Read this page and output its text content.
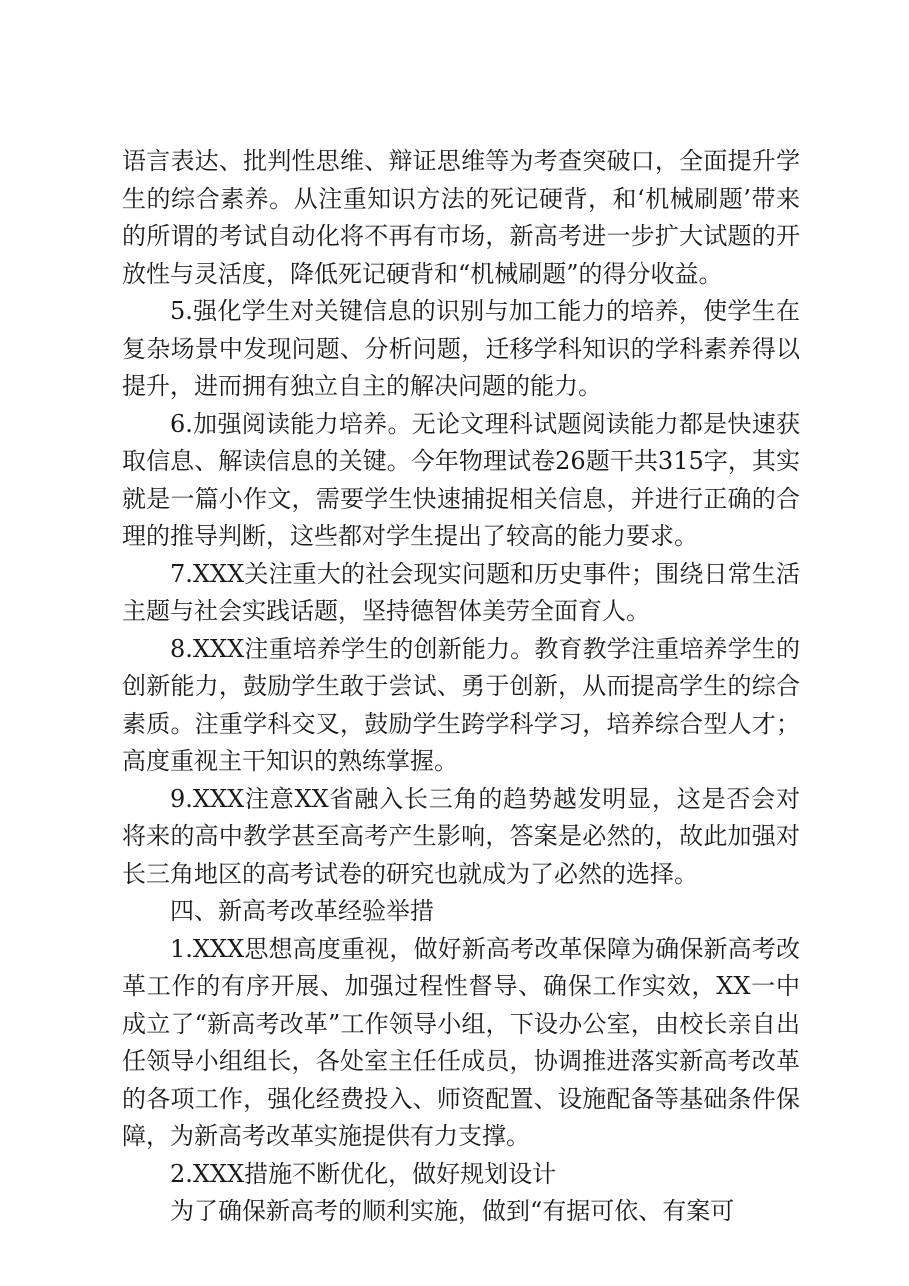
语言表达、批判性思维、辩证思维等为考查突破口，全面提升学生的综合素养。从注重知识方法的死记硬背，和‘机械刷题’带来的所谓的考试自动化将不再有市场，新高考进一步扩大试题的开放性与灵活度，降低死记硬背和“机械刷题”的得分收益。

5.强化学生对关键信息的识别与加工能力的培养，使学生在复杂场景中发现问题、分析问题，迁移学科知识的学科素养得以提升，进而拥有独立自主的解决问题的能力。

6.加强阅读能力培养。无论文理科试题阅读能力都是快速获取信息、解读信息的关键。今年物理试卷26题干共315字，其实就是一篇小作文，需要学生快速捕捉相关信息，并进行正确的合理的推导判断，这些都对学生提出了较高的能力要求。

7.XXX关注重大的社会现实问题和历史事件；围绕日常生活主题与社会实践话题，坚持德智体美劳全面育人。

8.XXX注重培养学生的创新能力。教育教学注重培养学生的创新能力，鼓励学生敢于尝试、勇于创新，从而提高学生的综合素质。注重学科交叉，鼓励学生跨学科学习，培养综合型人才；高度重视主干知识的熟练掌握。

9.XXX注意XX省融入长三角的趋势越发明显，这是否会对将来的高中教学甚至高考产生影响，答案是必然的，故此加强对长三角地区的高考试卷的研究也就成为了必然的选择。

四、新高考改革经验举措

1.XXX思想高度重视，做好新高考改革保障为确保新高考改革工作的有序开展、加强过程性督导、确保工作实效，XX一中成立了“新高考改革”工作领导小组，下设办公室，由校长亲自出任领导小组组长，各处室主任任成员，协调推进落实新高考改革的各项工作，强化经费投入、师资配置、设施配备等基础条件保障，为新高考改革实施提供有力支撑。

2.XXX措施不断优化，做好规划设计

为了确保新高考的顺利实施，做到“有据可依、有案可
